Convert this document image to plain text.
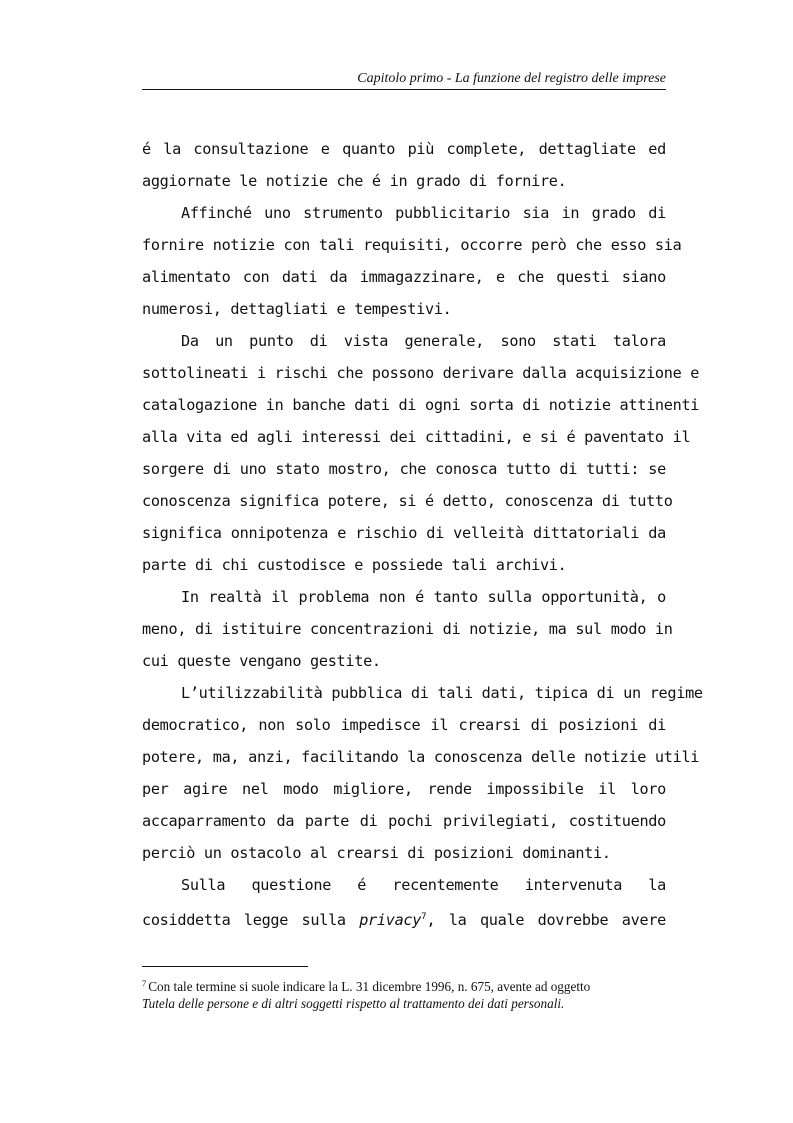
Capitolo primo - La funzione del registro delle imprese
é la consultazione e quanto più complete, dettagliate ed
aggiornate le notizie che é in grado di fornire.
Affinché uno strumento pubblicitario sia in grado di
fornire notizie con tali requisiti, occorre però che esso sia
alimentato con dati da immagazzinare, e che questi siano
numerosi, dettagliati e tempestivi.
Da un punto di vista generale, sono stati talora
sottolineati i rischi che possono derivare dalla acquisizione e
catalogazione in banche dati di ogni sorta di notizie attinenti
alla vita ed agli interessi dei cittadini, e si é paventato il
sorgere di uno stato mostro, che conosca tutto di tutti: se
conoscenza significa potere, si é detto, conoscenza di tutto
significa onnipotenza e rischio di velleità dittatoriali da
parte di chi custodisce e possiede tali archivi.
In realtà il problema non é tanto sulla opportunità, o
meno, di istituire concentrazioni di notizie, ma sul modo in
cui queste vengano gestite.
L’utilizzabilità pubblica di tali dati, tipica di un regime
democratico, non solo impedisce il crearsi di posizioni di
potere, ma, anzi, facilitando la conoscenza delle notizie utili
per agire nel modo migliore, rende impossibile il loro
accaparramento da parte di pochi privilegiati, costituendo
perciò un ostacolo al crearsi di posizioni dominanti.
Sulla questione é recentemente intervenuta la
cosiddetta legge sulla privacy$^7$, la quale dovrebbe avere
$^7$ Con tale termine si suole indicare la L. 31 dicembre 1996, n. 675, avente ad oggetto
Tutela delle persone e di altri soggetti rispetto al trattamento dei dati personali.
